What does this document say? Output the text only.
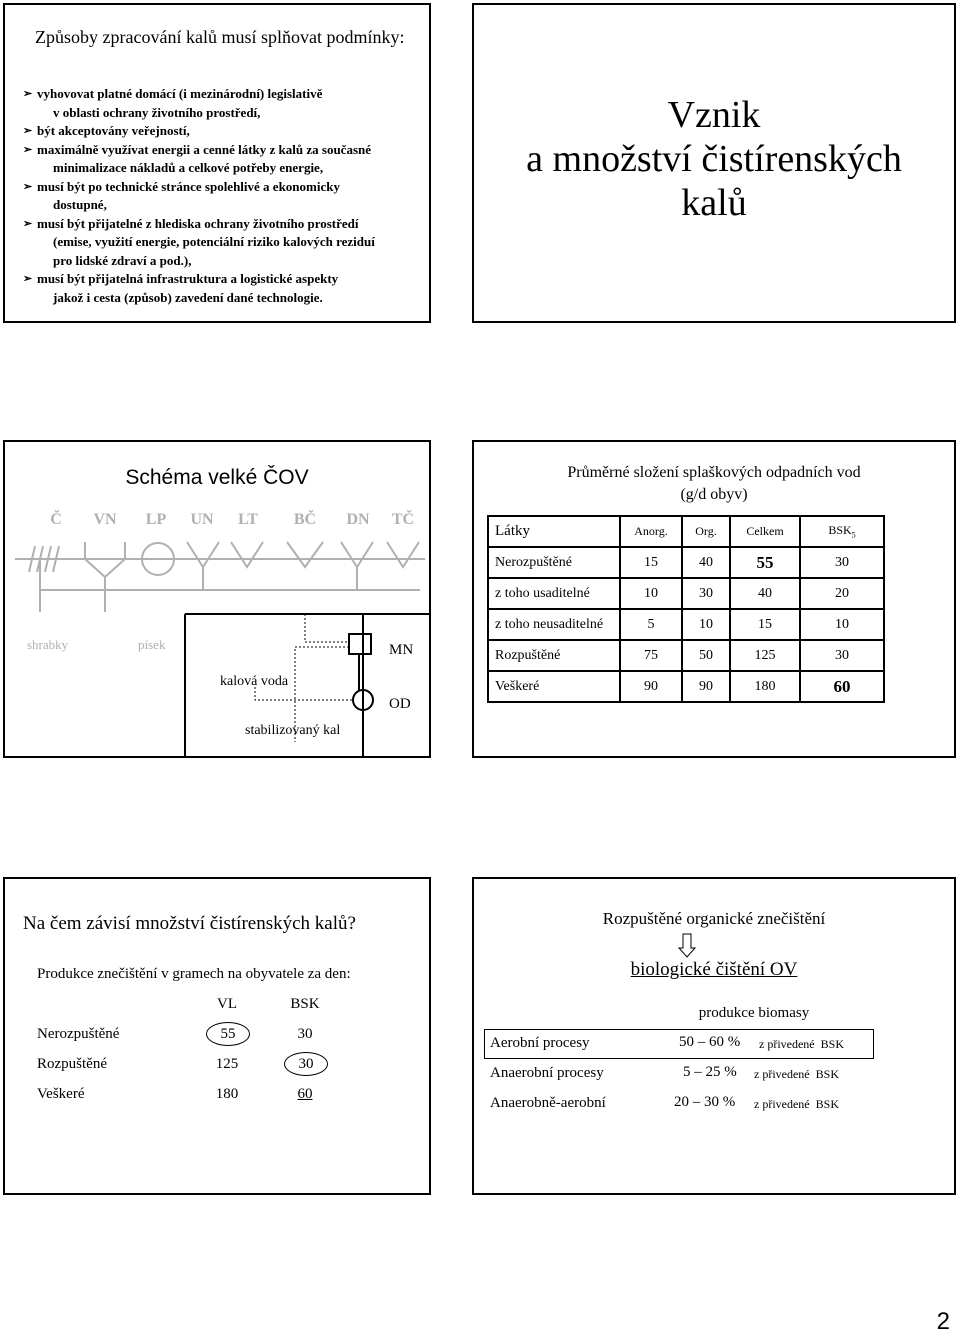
Způsoby zpracování kalů musí splňovat podmínky:
➢ vyhovovat platné domácí (i mezinárodní) legislativě
v oblasti ochrany životního prostředí,
➢ být akceptovány veřejností,
➢ maximálně využívat energii a cenné látky z kalů za současné
minimalizace nákladů a celkové potřeby energie,
➢ musí být po technické stránce spolehlivé a ekonomicky
dostupné,
➢ musí být přijatelné z hlediska ochrany životního prostředí
(emise, využití energie, potenciální riziko kalových reziduí
pro lidské zdraví a pod.),
➢ musí být přijatelná infrastruktura a logistické aspekty
jakož i cesta (způsob) zavedení dané technologie.
Vznik
a množství čistírenských
kalů
Schéma velké ČOV
Č VN LP UN LT BČ DN TČ
kalová voda
stabilizovaný kal
MN
OD
shrabky	písek
Průměrné složení splaškových odpadních vod
(g/d obyv)
Látky	Anorg.	Org.	Celkem	$BSK_5$
Nerozpuštěné	15	40	55	30
z toho usaditelné	10	30	40	20
z toho neusaditelné	5	10	15	10
Rozpuštěné	75	50	125	30
Veškeré	90	90	180	60
Na čem závisí množství čistírenských kalů?
Produkce znečištění v gramech na obyvatele za den:
VL	BSK
Nerozpuštěné	55	30
Rozpuštěné	125	30
Veškeré	180	60
Rozpuštěné organické znečištění
biologické čištění OV
produkce biomasy
Aerobní procesy	50 – 60 % z přivedené  BSK
Anaerobní procesy	5 – 25 % z přivedené  BSK
Anaerobně-aerobní	20 – 30 % z přivedené  BSK
2
